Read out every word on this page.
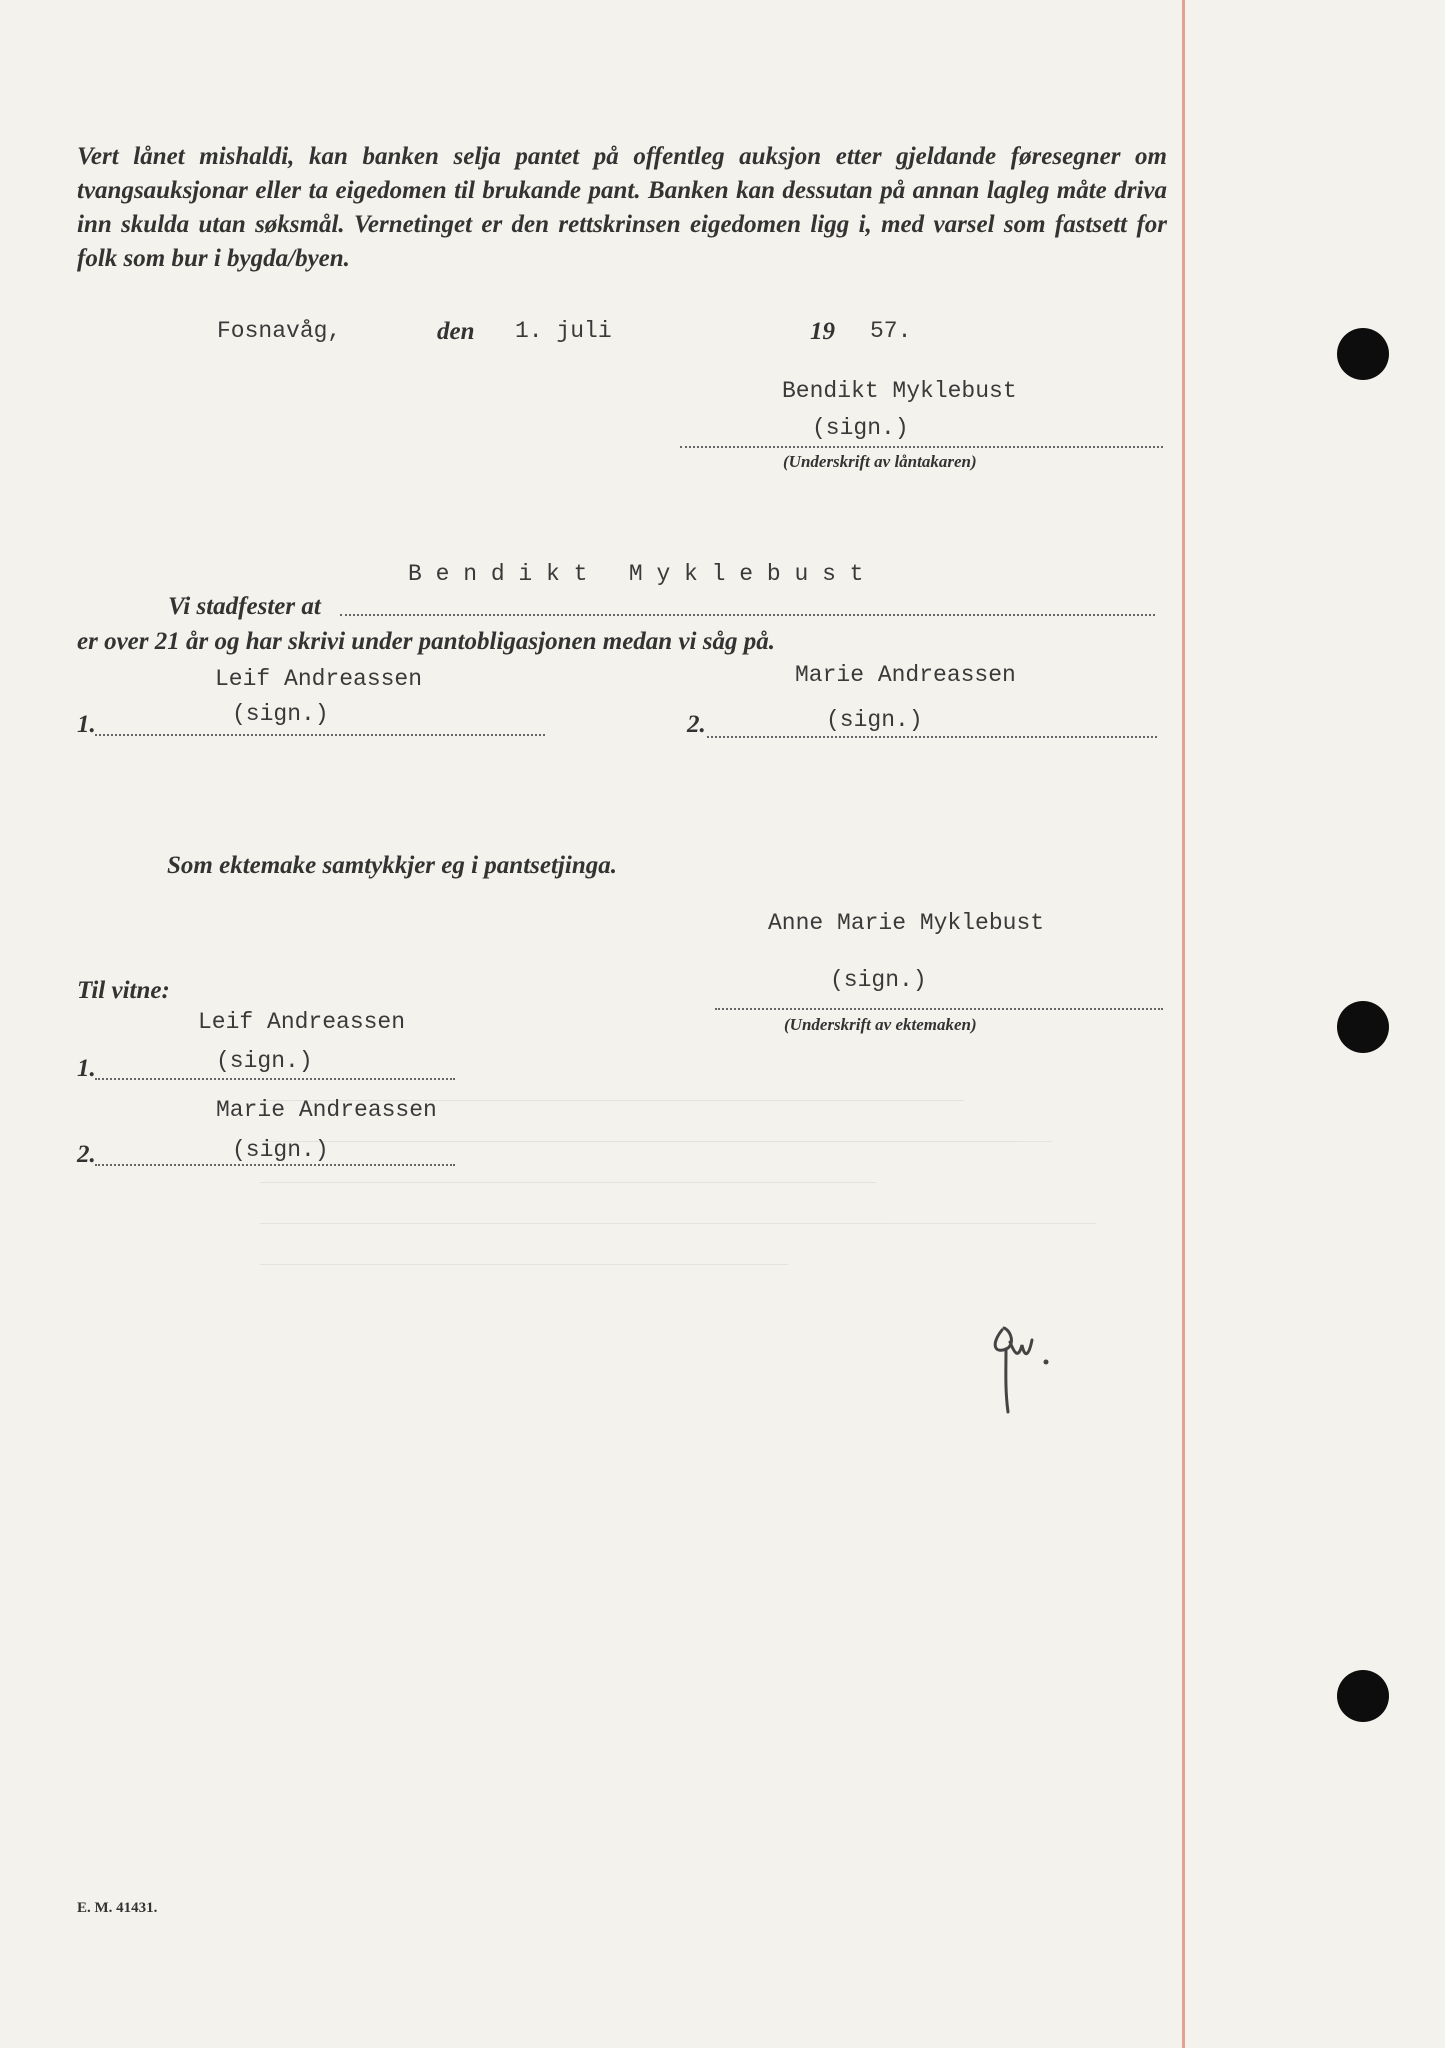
Vert lånet mishaldi, kan banken selja pantet på offentleg auksjon etter gjeldande føresegner om tvangsauksjonar eller ta eigedomen til brukande pant. Banken kan dessutan på annan lagleg måte driva inn skulda utan søksmål. Vernetinget er den rettskrinsen eigedomen ligg i, med varsel som fastsett for folk som bur i bygda/byen.
Fosnavåg,	den 1. juli	19 57.
Bendikt Myklebust
(sign.)
(Underskrift av låntakaren)
B e n d i k t   M y k l e b u s t
Vi stadfester at
er over 21 år og har skrivi under pantobligasjonen medan vi såg på.
Leif Andreassen
1.	(sign.)
Marie Andreassen
2.	(sign.)
Som ektemake samtykkjer eg i pantsetjinga.
Anne Marie Myklebust
(sign.)
(Underskrift av ektemaken)
Til vitne:
Leif Andreassen
1.	(sign.)
Marie Andreassen
2.	(sign.)
E. M. 41431.
